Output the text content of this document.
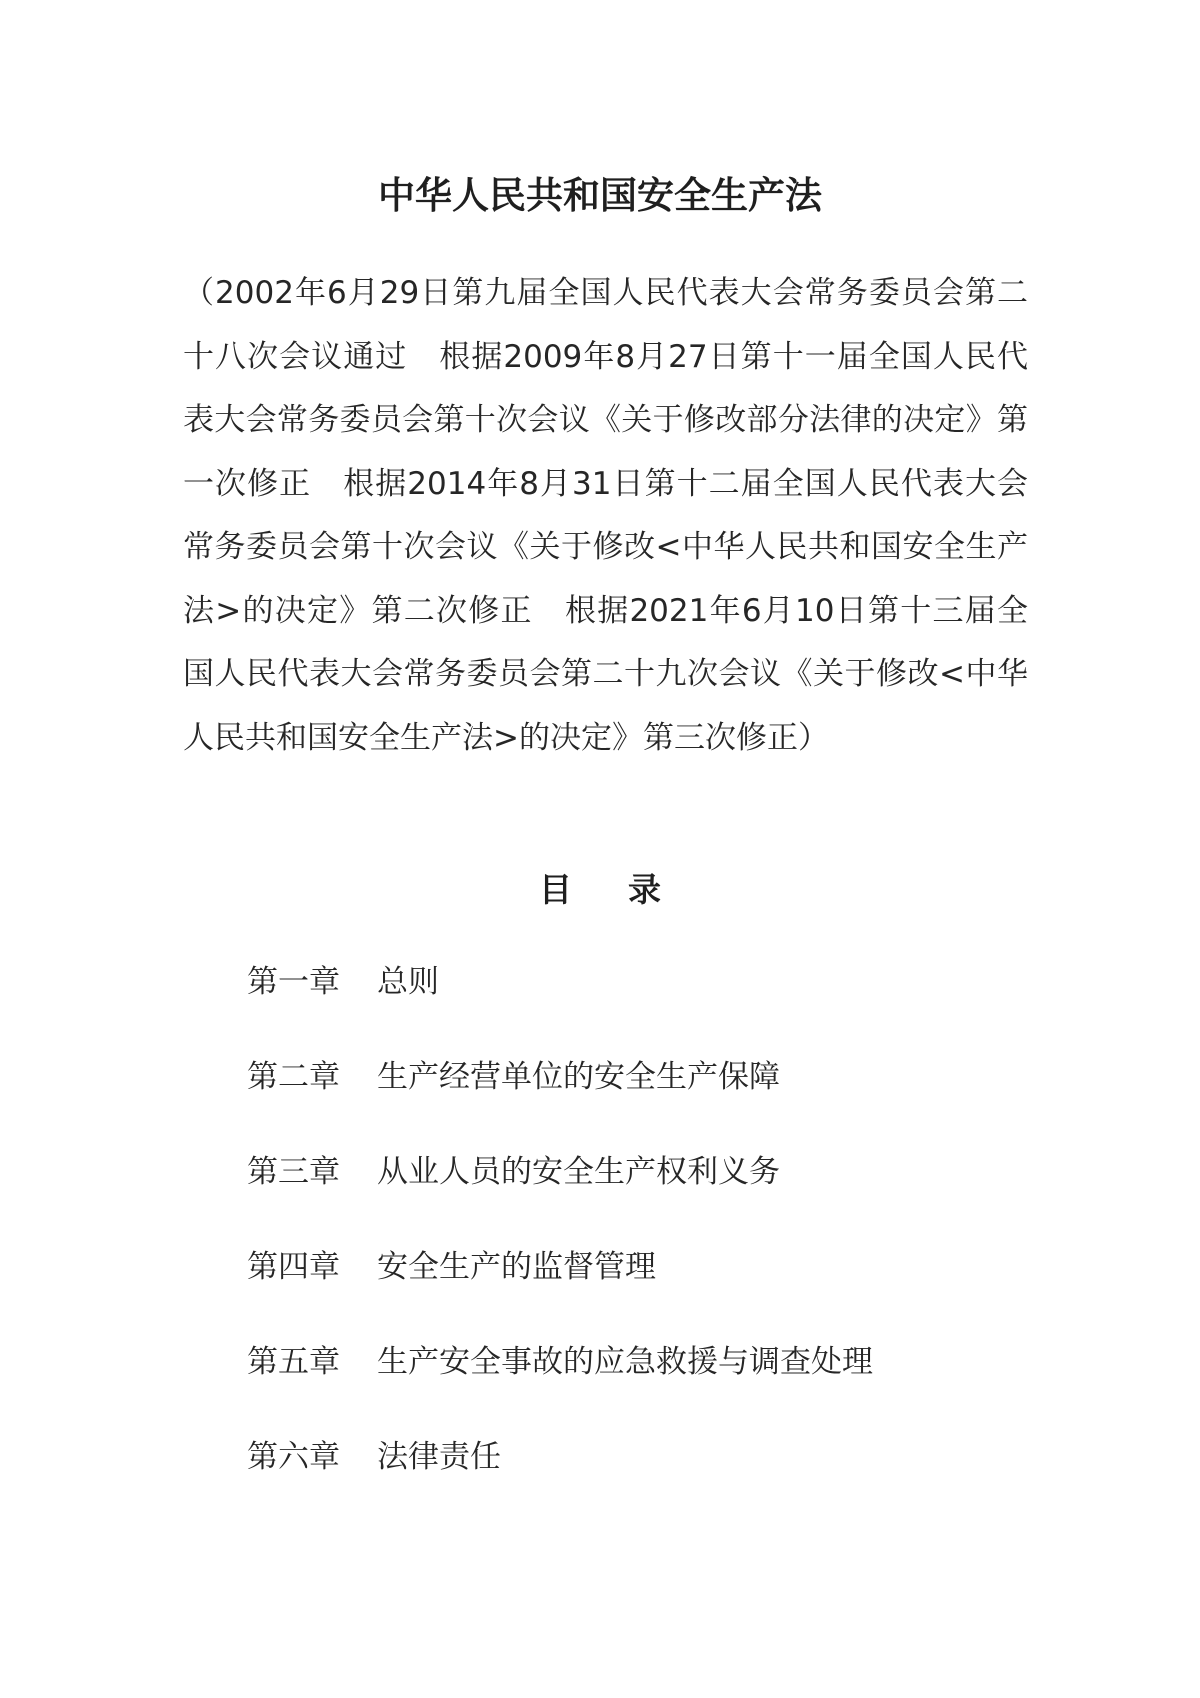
中华人民共和国安全生产法

（2002年6月29日第九届全国人民代表大会常务委员会第二十八次会议通过　根据2009年8月27日第十一届全国人民代表大会常务委员会第十次会议《关于修改部分法律的决定》第一次修正　根据2014年8月31日第十二届全国人民代表大会常务委员会第十次会议《关于修改<中华人民共和国安全生产法>的决定》第二次修正　根据2021年6月10日第十三届全国人民代表大会常务委员会第二十九次会议《关于修改<中华人民共和国安全生产法>的决定》第三次修正）

目录
第一章 总则
第二章 生产经营单位的安全生产保障
第三章 从业人员的安全生产权利义务
第四章 安全生产的监督管理
第五章 生产安全事故的应急救援与调查处理
第六章 法律责任
